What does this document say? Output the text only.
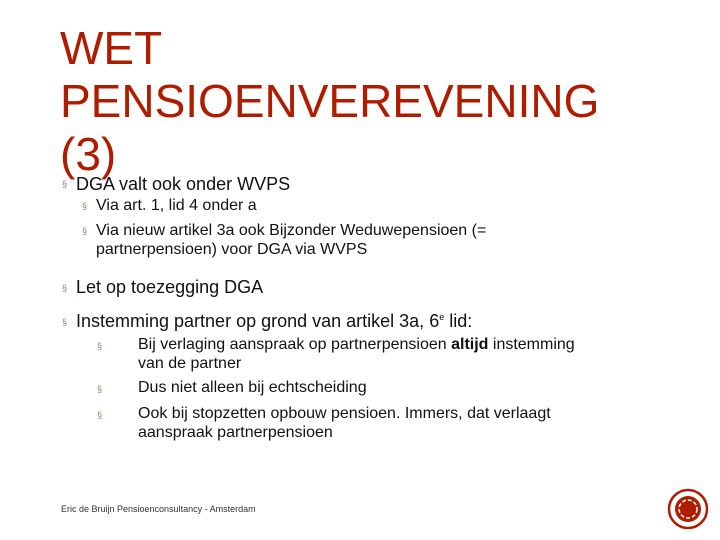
WET
PENSIOENVEREVENING
(3)
§ DGA valt ook onder WVPS
§ Via art. 1, lid 4 onder a
§ Via nieuw artikel 3a ook Bijzonder Weduwepensioen (=
partnerpensioen) voor DGA via WVPS
§ Let op toezegging DGA
§ Instemming partner op grond van artikel 3a, 6e lid:
§ Bij verlaging aanspraak op partnerpensioen altijd instemming
van de partner
§ Dus niet alleen bij echtscheiding
§ Ook bij stopzetten opbouw pensioen. Immers, dat verlaagt
aanspraak partnerpensioen
Eric de Bruijn Pensioenconsultancy - Amsterdam
